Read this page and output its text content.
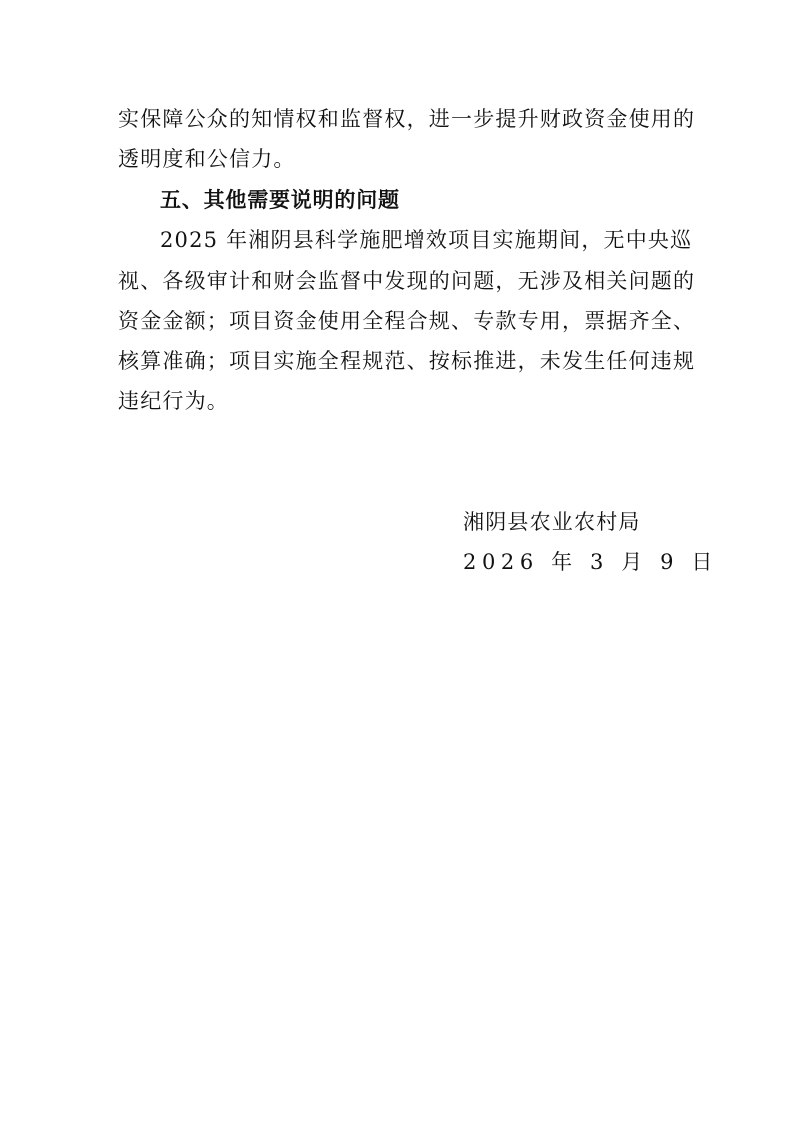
实保障公众的知情权和监督权，进一步提升财政资金使用的

透明度和公信力。

五、其他需要说明的问题

2025 年湘阴县科学施肥增效项目实施期间，无中央巡

视、各级审计和财会监督中发现的问题，无涉及相关问题的

资金金额；项目资金使用全程合规、专款专用，票据齐全、

核算准确；项目实施全程规范、按标推进，未发生任何违规

违纪行为。

湘阴县农业农村局

2026 年 3 月 9 日
